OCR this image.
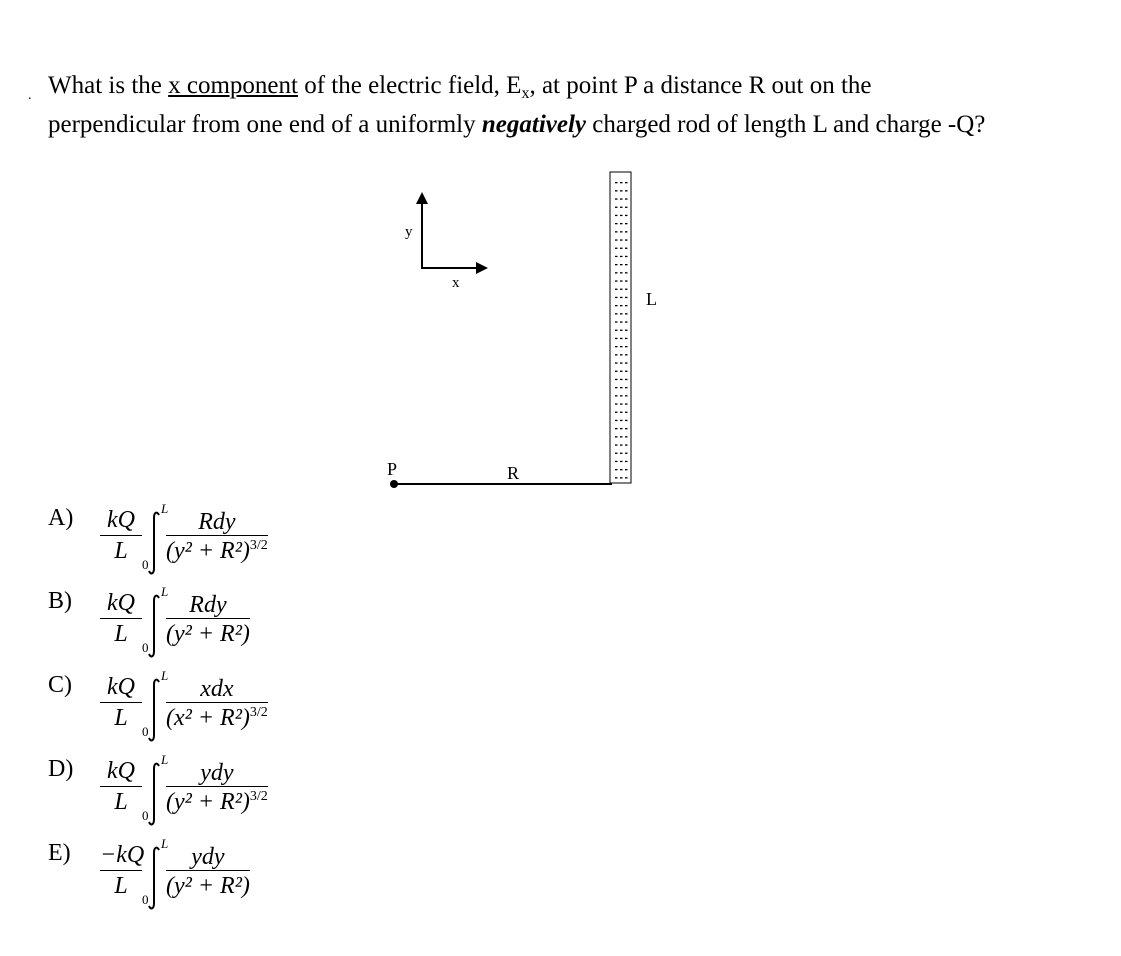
. What is the x component of the electric field, $E_x$, at point P a distance R out on the perpendicular from one end of a uniformly negatively charged rod of length L and charge -Q?
y
x
L
P	R
$A) \frac{kQ}{L}$ L
0
Rdy
$(y^2 + R^2)^{3/2}$
$B) \frac{kQ}{L}$ L
0
Rdy
(y² + R²)
$C) \frac{kQ}{L}$ L
0
xdx
$(x^2 + R^2)^{3/2}$
$D) \frac{kQ}{L}$ L
0
ydy
$(y^2 + R^2)^{3/2}$
$E) \frac{-kQ}{L}$ L
0
ydy
(y² + R²)
